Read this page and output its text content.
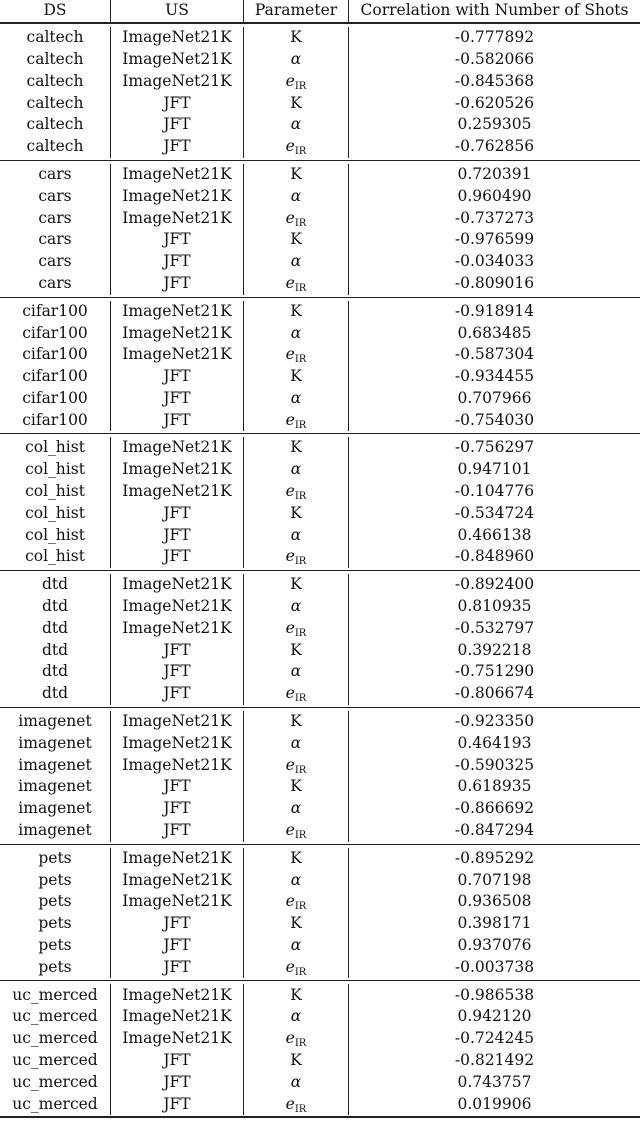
DS	US	Parameter	Correlation with Number of Shots
caltech	ImageNet21K	K	-0.777892
caltech	ImageNet21K	α	-0.582066
caltech	ImageNet21K	$e_{IR}$	-0.845368
caltech	JFT	K	-0.620526
caltech	JFT	α	0.259305
caltech	JFT	$e_{IR}$	-0.762856
cars	ImageNet21K	K	0.720391
cars	ImageNet21K	α	0.960490
cars	ImageNet21K	$e_{IR}$	-0.737273
cars	JFT	K	-0.976599
cars	JFT	α	-0.034033
cars	JFT	$e_{IR}$	-0.809016
cifar100	ImageNet21K	K	-0.918914
cifar100	ImageNet21K	α	0.683485
cifar100	ImageNet21K	$e_{IR}$	-0.587304
cifar100	JFT	K	-0.934455
cifar100	JFT	α	0.707966
cifar100	JFT	$e_{IR}$	-0.754030
col_hist	ImageNet21K	K	-0.756297
col_hist	ImageNet21K	α	0.947101
col_hist	ImageNet21K	$e_{IR}$	-0.104776
col_hist	JFT	K	-0.534724
col_hist	JFT	α	0.466138
col_hist	JFT	$e_{IR}$	-0.848960
dtd	ImageNet21K	K	-0.892400
dtd	ImageNet21K	α	0.810935
dtd	ImageNet21K	$e_{IR}$	-0.532797
dtd	JFT	K	0.392218
dtd	JFT	α	-0.751290
dtd	JFT	$e_{IR}$	-0.806674
imagenet	ImageNet21K	K	-0.923350
imagenet	ImageNet21K	α	0.464193
imagenet	ImageNet21K	$e_{IR}$	-0.590325
imagenet	JFT	K	0.618935
imagenet	JFT	α	-0.866692
imagenet	JFT	$e_{IR}$	-0.847294
pets	ImageNet21K	K	-0.895292
pets	ImageNet21K	α	0.707198
pets	ImageNet21K	$e_{IR}$	0.936508
pets	JFT	K	0.398171
pets	JFT	α	0.937076
pets	JFT	$e_{IR}$	-0.003738
uc_merced	ImageNet21K	K	-0.986538
uc_merced	ImageNet21K	α	0.942120
uc_merced	ImageNet21K	$e_{IR}$	-0.724245
uc_merced	JFT	K	-0.821492
uc_merced	JFT	α	0.743757
uc_merced	JFT	$e_{IR}$	0.019906
